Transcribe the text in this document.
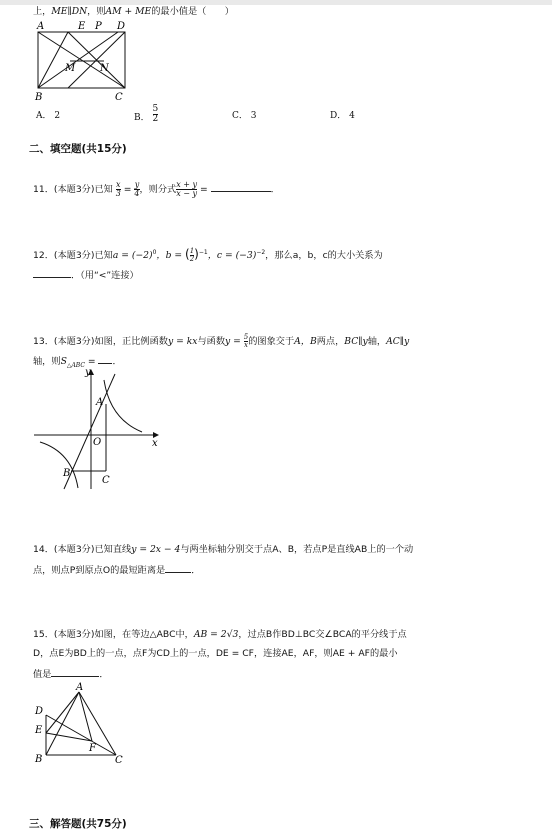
上，ME∥DN，则AM + ME的最小值是（　　）
A	E P D
M N
B	C
A． 2	B． $\frac{5}{2}$	C． 3	D． 4
二、填空题(共15分)
11．(本题3分)已知 $\frac{x}{3} = \frac{y}{4}$ ，则分式 $\frac{x + y}{x - y}$ =	．
12．(本题3分)已知$a = (-2)^0$，b = ( $\frac{1}{2} )^{-1}$，$c = (-3)^{-2}$，那么a，b，c的大小关系为
．（用“<”连接）
13．(本题3分)如图，正比例函数y = kx与函数$y = \frac{5}{x}$ 的图象交于A，B两点，BC∥y轴，AC∥y
轴，则$S_{\triangle ABC}$ = ．
y
x
A
O
B
C
14．(本题3分)已知直线y = 2x − 4与两坐标轴分别交于点A、B，若点P是直线AB上的一个动
点，则点P到原点O的最短距离是	．
15．(本题3分)如图，在等边△ABC中，AB = 2√3，过点B作BD⊥BC交∠BCA的平分线于点
D，点E为BD上的一点，点F为CD上的一点，DE = CF，连接AE，AF，则AE + AF的最小
值是	．
A
D
E
F
B	C
三、解答题(共75分)
